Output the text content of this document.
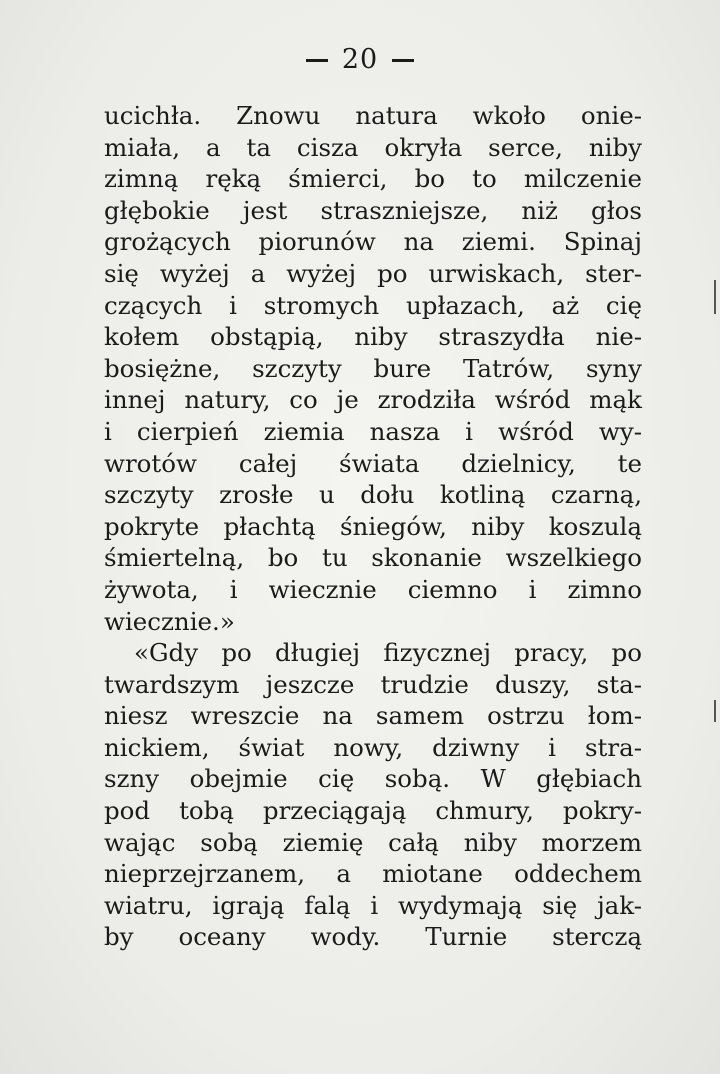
20
ucichła. Znowu natura wkoło onie-
miała, a ta cisza okryła serce, niby
zimną ręką śmierci, bo to milczenie
głębokie jest straszniejsze, niż głos
grożących piorunów na ziemi. Spinaj
się wyżej a wyżej po urwiskach, ster-
czących i stromych upłazach, aż cię
kołem obstąpią, niby straszydła nie-
bosiężne, szczyty bure Tatrów, syny
innej natury, co je zrodziła wśród mąk
i cierpień ziemia nasza i wśród wy-
wrotów całej świata dzielnicy, te
szczyty zrosłe u dołu kotliną czarną,
pokryte płachtą śniegów, niby koszulą
śmiertelną, bo tu skonanie wszelkiego
żywota, i wiecznie ciemno i zimno
wiecznie.»
«Gdy po długiej fizycznej pracy, po
twardszym jeszcze trudzie duszy, sta-
niesz wreszcie na samem ostrzu łom-
nickiem, świat nowy, dziwny i stra-
szny obejmie cię sobą. W głębiach
pod tobą przeciągają chmury, pokry-
wając sobą ziemię całą niby morzem
nieprzejrzanem, a miotane oddechem
wiatru, igrają falą i wydymają się jak-
by oceany wody. Turnie sterczą
